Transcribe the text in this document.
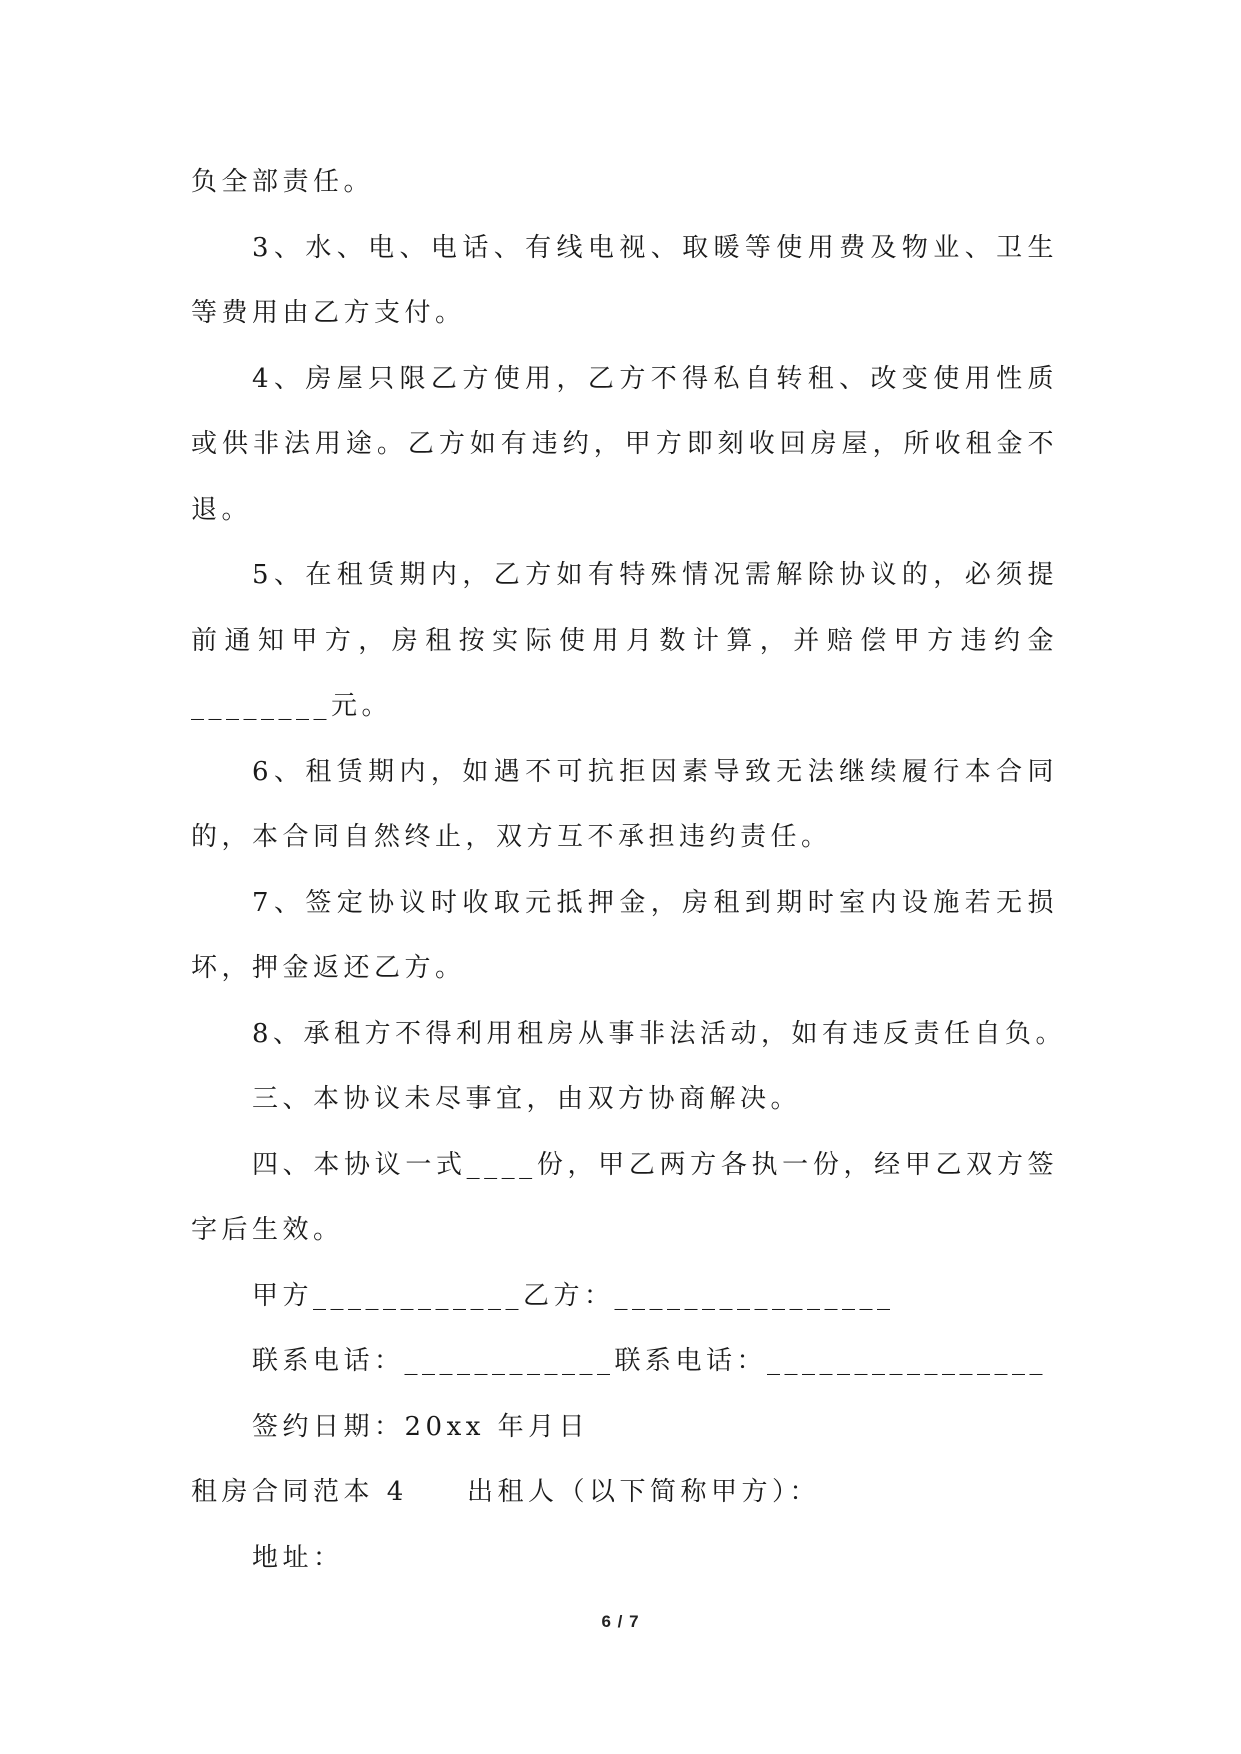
负全部责任。
3、水、电、电话、有线电视、取暖等使用费及物业、卫生
等费用由乙方支付。
4、房屋只限乙方使用，乙方不得私自转租、改变使用性质
或供非法用途。乙方如有违约，甲方即刻收回房屋，所收租金不
退。
5、在租赁期内，乙方如有特殊情况需解除协议的，必须提
前通知甲方，房租按实际使用月数计算，并赔偿甲方违约金
________元。
6、租赁期内，如遇不可抗拒因素导致无法继续履行本合同
的，本合同自然终止，双方互不承担违约责任。
7、签定协议时收取元抵押金，房租到期时室内设施若无损
坏，押金返还乙方。
8、承租方不得利用租房从事非法活动，如有违反责任自负。
三、本协议未尽事宜，由双方协商解决。
四、本协议一式____份，甲乙两方各执一份，经甲乙双方签
字后生效。
甲方____________乙方：________________
联系电话：____________联系电话：________________
签约日期：20xx 年月日
租房合同范本 4 出租人（以下简称甲方）：
地址：
6 / 7
